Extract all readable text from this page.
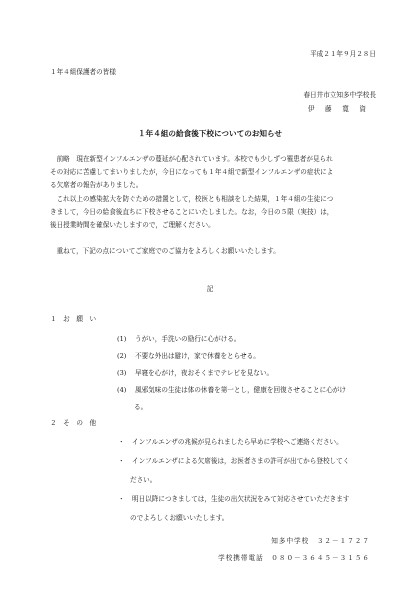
平成２１年９月２８日
１年４組保護者の皆様
春日井市立知多中学校長
伊　藤　寛　資
１年４組の給食後下校についてのお知らせ
前略　現在新型インフルエンザの蔓延が心配されています。本校でも少しずつ罹患者が見られ
その対応に苦慮してまいりましたが，今日になっても１年４組で新型インフルエンザの症状によ
る欠席者の報告がありました。
これ以上の感染拡大を防ぐための措置として，校医とも相談をした結果，１年４組の生徒につ
きまして，今日の給食後直ちに下校させることにいたしました。なお，今日の５限（実技）は，
後日授業時間を確保いたしますので，ご理解ください。
重ねて，下記の点についてご家庭でのご協力をよろしくお願いいたします。
記
１　お　願　い
(1) うがい，手洗いの励行に心がける。
(2) 不要な外出は避け，家で休養をとらせる。
(3) 早寝を心がけ，夜おそくまでテレビを見ない。
(4) 風邪気味の生徒は体の休養を第一とし，健康を回復させることに心がけ
る。
２　そ　の　他
・ インフルエンザの兆候が見られましたら早めに学校へご連絡ください。
・ インフルエンザによる欠席後は，お医者さまの許可が出てから登校してく
ださい。
・ 明日以降につきましては，生徒の出欠状況をみて対応させていただきます
のでよろしくお願いいたします。
知多中学校　３２－１７２７
学校携帯電話　０８０－３６４５－３１５６
